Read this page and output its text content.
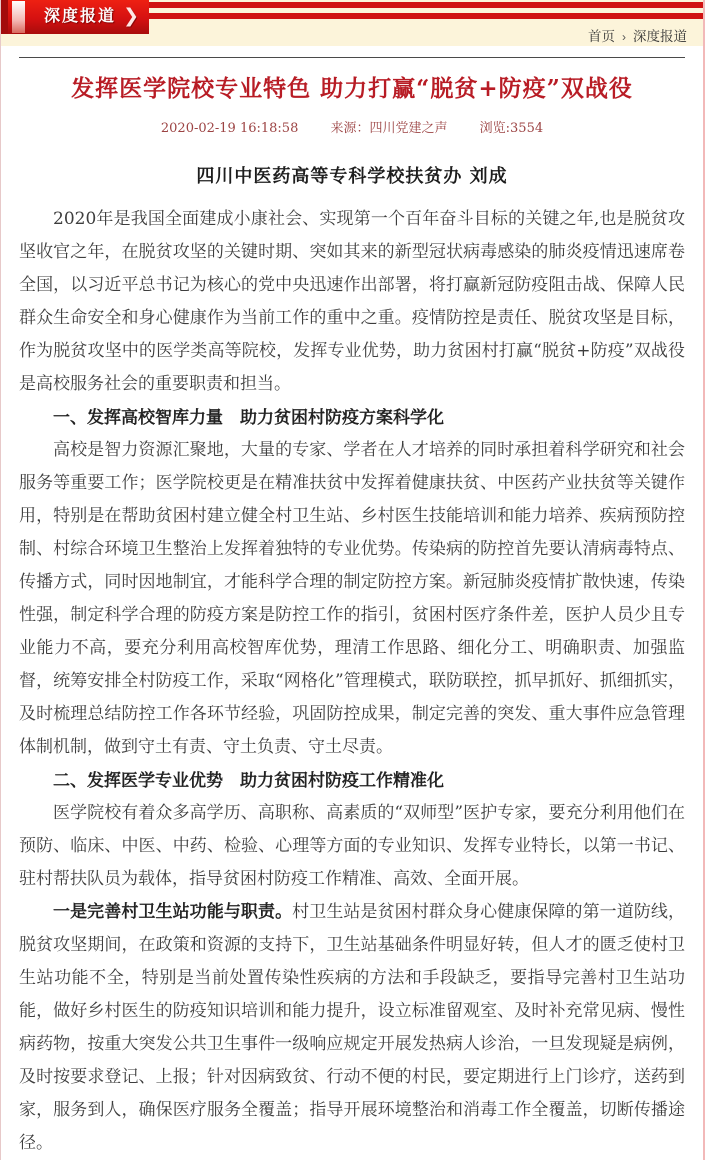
深度报道 ❯
首页 › 深度报道
发挥医学院校专业特色 助力打赢“脱贫+防疫”双战役
2020-02-19 16:18:58 来源：四川党建之声 浏览:3554
四川中医药高等专科学校扶贫办 刘成

2020年是我国全面建成小康社会、实现第一个百年奋斗目标的关键之年,也是脱贫攻坚收官之年，在脱贫攻坚的关键时期、突如其来的新型冠状病毒感染的肺炎疫情迅速席卷全国，以习近平总书记为核心的党中央迅速作出部署，将打赢新冠防疫阻击战、保障人民群众生命安全和身心健康作为当前工作的重中之重。疫情防控是责任、脱贫攻坚是目标，作为脱贫攻坚中的医学类高等院校，发挥专业优势，助力贫困村打赢“脱贫+防疫”双战役是高校服务社会的重要职责和担当。

一、发挥高校智库力量　助力贫困村防疫方案科学化

高校是智力资源汇聚地，大量的专家、学者在人才培养的同时承担着科学研究和社会服务等重要工作；医学院校更是在精准扶贫中发挥着健康扶贫、中医药产业扶贫等关键作用，特别是在帮助贫困村建立健全村卫生站、乡村医生技能培训和能力培养、疾病预防控制、村综合环境卫生整治上发挥着独特的专业优势。传染病的防控首先要认清病毒特点、传播方式，同时因地制宜，才能科学合理的制定防控方案。新冠肺炎疫情扩散快速，传染性强，制定科学合理的防疫方案是防控工作的指引，贫困村医疗条件差，医护人员少且专业能力不高，要充分利用高校智库优势，理清工作思路、细化分工、明确职责、加强监督，统筹安排全村防疫工作，采取“网格化”管理模式，联防联控，抓早抓好、抓细抓实，及时梳理总结防控工作各环节经验，巩固防控成果，制定完善的突发、重大事件应急管理体制机制，做到守土有责、守土负责、守土尽责。

二、发挥医学专业优势　助力贫困村防疫工作精准化

医学院校有着众多高学历、高职称、高素质的“双师型”医护专家，要充分利用他们在预防、临床、中医、中药、检验、心理等方面的专业知识、发挥专业特长，以第一书记、驻村帮扶队员为载体，指导贫困村防疫工作精准、高效、全面开展。

一是完善村卫生站功能与职责。村卫生站是贫困村群众身心健康保障的第一道防线，脱贫攻坚期间，在政策和资源的支持下，卫生站基础条件明显好转，但人才的匮乏使村卫生站功能不全，特别是当前处置传染性疾病的方法和手段缺乏，要指导完善村卫生站功能，做好乡村医生的防疫知识培训和能力提升，设立标准留观室、及时补充常见病、慢性病药物，按重大突发公共卫生事件一级响应规定开展发热病人诊治，一旦发现疑是病例，及时按要求登记、上报；针对因病致贫、行动不便的村民，要定期进行上门诊疗，送药到家，服务到人，确保医疗服务全覆盖；指导开展环境整治和消毒工作全覆盖，切断传播途径。
